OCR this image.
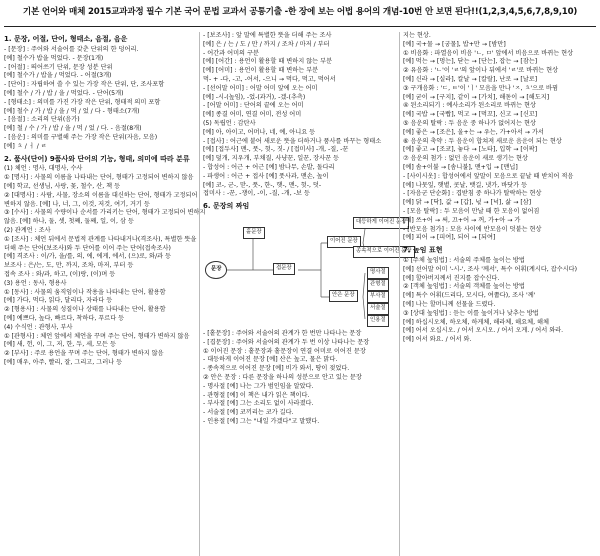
기본 언어와 매체 2015교과과정 필수 기본 국어 문법 교과서 공통기출 -한 장에 보는 어법 용어의 개념-10번 안 보면 된다!!(1,2,3,4,5,6,7,8,9,10)
1. 문장, 어절, 단어, 형태소, 음절, 음운
- [문장] : 주어와 서술어를 갖춘 단위의 한 덩어리.
[예] 철수가 밥을 먹었다. - 문장(1개)
- [어절] : 띄어쓰기 단위, 문장 성분 단위
[예] 철수가 / 밥을 / 먹었다. - 어절(3개)
- [단어] : 자립하여 쓸 수 있는 가장 작은 단위, 단, 조사포함
[예] 철수 / 가 / 밥 / 을 / 먹었다. - 단어(5개)
- [형태소] : 의미를 가진 가장 작은 단위, 형태적 의미 포함
[예] 철수 / 가 / 밥 / 을 / 먹 / 었 / 다 - 형태소(7개)
- [음절] : 소리의 단위(음가)
[예] 철 / 수 / 가 / 밥 / 을 / 먹 / 었 / 다. - 음절(8개)
- [음운] : 의미를 구별해 주는 가장 작은 단위(자음, 모음)
[예] ㅊ / ㅓ / ㄹ
2. 품사(단어) 9품사와 단어의 기능, 형태, 의미에 따라 분류
(1) 체언 : 명사, 대명사, 수사
① [명사] : 사물의 이름을 나타내는 단어, 형태가 고정되어 변하지 않음
[예] 학교, 선생님, 사랑, 꽃, 철수, 산, 책 등
② [대명사] : 사람, 사물, 장소의 이름을 대신하는 단어, 형태가 고정되어
변하지 않음. [예] 나, 너, 그, 이것, 저것, 여기, 거기 등
③ [수사] : 사물의 수량이나 순서를 가리키는 단어, 형태가 고정되어 변하지
않음. [예] 하나, 둘, 셋, 첫째, 둘째, 일, 이, 삼 등
(2) 관계언 : 조사
① [조사] : 체언 뒤에서 문법적 관계를 나타내거나(격조사), 특별한 뜻을
더해 주는 단어(보조사)와 두 단어를 이어 주는 단어(접속조사)
[예] 격조사 : 이/가, 을/를, 의, 에, 에게, 에서, (으)로, 와/과 등
보조사 : 은/는, 도, 만, 까지, 조차, 마저, 부터 등
접속 조사 : 와/과, 하고, (이)랑, (이)며 등
(3) 용언 : 동사, 형용사
① [동사] : 사물의 움직임이나 작용을 나타내는 단어, 활용함
[예] 가다, 먹다, 읽다, 달리다, 자라다 등
② [형용사] : 사물의 성질이나 상태를 나타내는 단어, 활용함
[예] 예쁘다, 높다, 빠르다, 착하다, 푸르다 등
(4) 수식언 : 관형사, 부사
① [관형사] : 체언 앞에서 체언을 꾸며 주는 단어, 형태가 변하지 않음
[예] 새, 헌, 이, 그, 저, 한, 두, 세, 모든 등
② [부사] : 주로 용언을 꾸며 주는 단어, 형태가 변하지 않음
[예] 매우, 아주, 빨리, 잘, 그리고, 그러나 등
- [보조사] : 앞 말에 특별한 뜻을 더해 주는 조사
[예] 은 / 는 / 도 / 만 / 까지 / 조차 / 마저 / 부터
- 어간과 어미의 구분
[예] [어간] : 용언이 활용할 때 변하지 않는 부분
[예] [어미] : 용언이 활용할 때 변하는 부분
먹- + -다, -고, -어서, -으니 → 먹다, 먹고, 먹어서
- [선어말 어미] : 어말 어미 앞에 오는 어미
[예] -시-(높임), -었-(과거), -겠-(추측)
- [어말 어미] : 단어의 끝에 오는 어미
[예] 종결 어미, 연결 어미, 전성 어미
(5) 독립언 : 감탄사
[예] 아, 아이고, 어머나, 네, 예, 아니요 등
- [접사] : 어근에 붙어 새로운 뜻을 더하거나 품사를 바꾸는 형태소
[예] [접두사] 맨-, 풋-, 헛-, 짓- / [접미사] -개, -질, -꾼
[예] 덮개, 지우개, 부채질, 사냥꾼, 일꾼, 장사꾼 등
- 합성어 : 어근 + 어근 [예] 밤나무, 손발, 돌다리
- 파생어 : 어근 + 접사 [예] 풋사과, 맨손, 높이
[예] 코-, 군-, 맏-, 풋-, 한-, 햇-, 맨-, 헛-, 덧-
접미사 : -꾼, -쟁이, -이, -질, -개, -보 등
6. 문장의 짜임
홑문장
문장	겹문장
이어진 문장
안은 문장
대등하게 이어진 문장
종속적으로 이어진 문장
명사절
관형절
부사절
서술절
인용절
- [홑문장] : 주어와 서술어의 관계가 한 번만 나타나는 문장
- [겹문장] : 주어와 서술어의 관계가 두 번 이상 나타나는 문장
① 이어진 문장 : 홑문장과 홑문장이 연결 어미로 이어진 문장
- 대등하게 이어진 문장 [예] 산은 높고, 물은 맑다.
- 종속적으로 이어진 문장 [예] 비가 와서, 땅이 젖었다.
② 안은 문장 : 다른 문장을 하나의 성분으로 안고 있는 문장
- 명사절 [예] 나는 그가 범인임을 알았다.
- 관형절 [예] 이 책은 내가 읽은 책이다.
- 부사절 [예] 그는 소리도 없이 사라졌다.
- 서술절 [예] 코끼리는 코가 길다.
- 인용절 [예] 그는 "내일 가겠다"고 말했다.
지는 현상.
[예] 국+물 → [궁물], 밥+만 → [밤만]
① 비음화 : 파열음이 비음 'ㄴ, ㅁ' 앞에서 비음으로 바뀌는 현상
[예] 먹는 → [멍는], 닫는 → [단는], 잡는 → [잠는]
② 유음화 : 'ㄴ'이 'ㄹ'의 앞이나 뒤에서 'ㄹ'로 바뀌는 현상
[예] 신라 → [실라], 칼날 → [칼랄], 난로 → [날로]
③ 구개음화 : 'ㄷ, ㅌ'이 'ㅣ' 모음을 만나 'ㅈ, ㅊ'으로 바뀜
[예] 굳이 → [구지], 같이 → [가치], 해돋이 → [해도지]
④ 된소리되기 : 예사소리가 된소리로 바뀌는 현상
[예] 국밥 → [국빱], 먹고 → [먹꼬], 신고 → [신꼬]
⑤ 음운의 탈락 : 두 음운 중 하나가 없어지는 현상
[예] 좋은 → [조은], 울+는 → 우는, 가+아서 → 가서
⑥ 음운의 축약 : 두 음운이 합쳐져 새로운 음운이 되는 현상
[예] 좋고 → [조코], 놓다 → [노타], 입학 → [이팍]
⑦ 음운의 첨가 : 없던 음운이 새로 생기는 현상
[예] 솜+이불 → [솜니불], 맨+입 → [맨닙]
- [사이시옷] : 합성어에서 앞말이 모음으로 끝날 때 받치어 적음
[예] 나뭇잎, 햇볕, 콧날, 뱃길, 냇가, 바닷가 등
- [자음군 단순화] : 겹받침 중 하나가 탈락하는 현상
[예] 닭 → [닥], 값 → [갑], 넋 → [넉], 삶 → [삼]
- [모음 탈락] : 두 모음이 만날 때 한 모음이 없어짐
[예] 쓰+어 → 써, 끄+어 → 꺼, 가+아 → 가
- [반모음 첨가] : 모음 사이에 반모음이 덧붙는 현상
[예] 피어 → [피여], 되어 → [되여]
7. 높임 표현
① [주체 높임법] : 서술의 주체를 높이는 방법
[예] 선어말 어미 '-시-', 조사 '께서', 특수 어휘(계시다, 잡수시다)
[예] 할아버지께서 진지를 잡수신다.
② [객체 높임법] : 서술의 객체를 높이는 방법
[예] 특수 어휘(드리다, 모시다, 여쭙다), 조사 '께'
[예] 나는 할머니께 선물을 드렸다.
③ [상대 높임법] : 듣는 이를 높이거나 낮추는 방법
[예] 하십시오체, 하오체, 하게체, 해라체, 해요체, 해체
[예] 어서 오십시오. / 어서 오시오. / 어서 오게. / 어서 와라.
[예] 어서 와요. / 어서 와.
